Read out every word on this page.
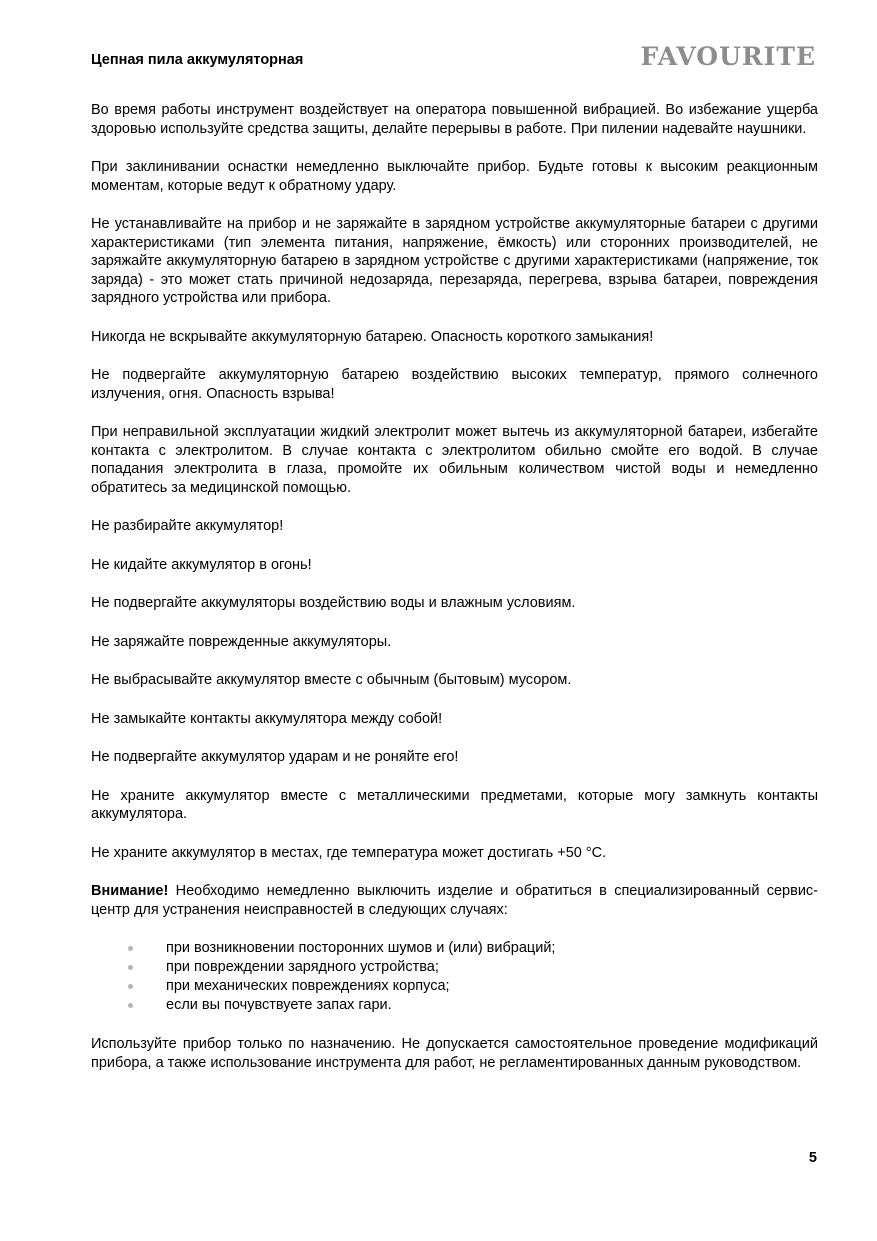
Цепная пила аккумуляторная	FAVOURITE

Во время работы инструмент воздействует на оператора повышенной вибрацией. Во избежание ущерба здоровью используйте средства защиты, делайте перерывы в работе. При пилении надевайте наушники.

При заклинивании оснастки немедленно выключайте прибор. Будьте готовы к высоким реакционным моментам, которые ведут к обратному удару.

Не устанавливайте на прибор и не заряжайте в зарядном устройстве аккумуляторные батареи с другими характеристиками (тип элемента питания, напряжение, ёмкость) или сторонних производителей, не заряжайте аккумуляторную батарею в зарядном устройстве с другими характеристиками (напряжение, ток заряда) - это может стать причиной недозаряда, перезаряда, перегрева, взрыва батареи, повреждения зарядного устройства или прибора.

Никогда не вскрывайте аккумуляторную батарею. Опасность короткого замыкания!

Не подвергайте аккумуляторную батарею воздействию высоких температур, прямого солнечного излучения, огня. Опасность взрыва!

При неправильной эксплуатации жидкий электролит может вытечь из аккумуляторной батареи, избегайте контакта с электролитом. В случае контакта с электролитом обильно смойте его водой. В случае попадания электролита в глаза, промойте их обильным количеством чистой воды и немедленно обратитесь за медицинской помощью.

Не разбирайте аккумулятор!

Не кидайте аккумулятор в огонь!

Не подвергайте аккумуляторы воздействию воды и влажным условиям.

Не заряжайте поврежденные аккумуляторы.

Не выбрасывайте аккумулятор вместе с обычным (бытовым) мусором.

Не замыкайте контакты аккумулятора между собой!

Не подвергайте аккумулятор ударам и не роняйте его!

Не храните аккумулятор вместе с металлическими предметами, которые могу замкнуть контакты аккумулятора.

Не храните аккумулятор в местах, где температура может достигать +50 °С.

Внимание! Необходимо немедленно выключить изделие и обратиться в специализированный сервис-центр для устранения неисправностей в следующих случаях:

при возникновении посторонних шумов и (или) вибраций;
при повреждении зарядного устройства;
при механических повреждениях корпуса;
если вы почувствуете запах гари.

Используйте прибор только по назначению. Не допускается самостоятельное проведение модификаций прибора, а также использование инструмента для работ, не регламентированных данным руководством.

5
